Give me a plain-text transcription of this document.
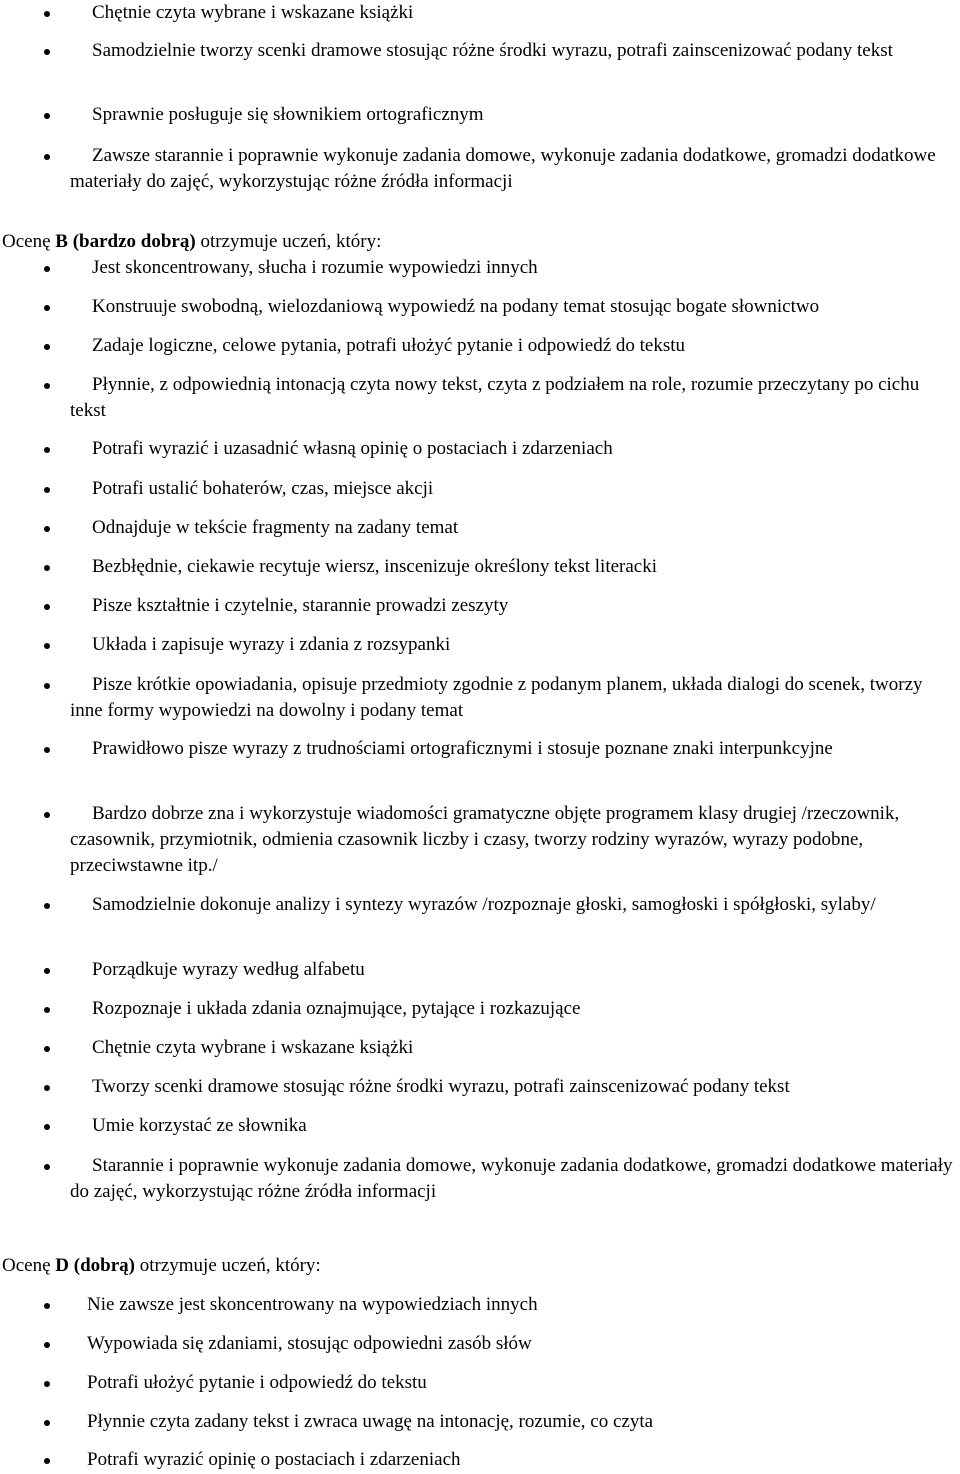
Chętnie czyta wybrane i wskazane książki
Samodzielnie tworzy scenki dramowe stosując różne środki wyrazu, potrafi zainscenizować podany tekst
Sprawnie posługuje się słownikiem ortograficznym
Zawsze starannie i poprawnie wykonuje zadania domowe, wykonuje zadania dodatkowe, gromadzi dodatkowe materiały do zajęć, wykorzystując różne źródła informacji
Ocenę B (bardzo dobrą) otrzymuje uczeń, który:
Jest skoncentrowany, słucha i rozumie wypowiedzi innych
Konstruuje swobodną, wielozdaniową wypowiedź na podany temat stosując bogate słownictwo
Zadaje logiczne, celowe pytania, potrafi ułożyć pytanie i odpowiedź do tekstu
Płynnie, z odpowiednią intonacją czyta nowy tekst, czyta z podziałem na role, rozumie przeczytany po cichu tekst
Potrafi wyrazić i uzasadnić własną opinię o postaciach i zdarzeniach
Potrafi ustalić bohaterów, czas, miejsce akcji
Odnajduje w tekście fragmenty na zadany temat
Bezbłędnie, ciekawie recytuje wiersz, inscenizuje określony tekst literacki
Pisze kształtnie i czytelnie, starannie prowadzi zeszyty
Układa i zapisuje wyrazy i zdania z rozsypanki
Pisze krótkie opowiadania, opisuje przedmioty zgodnie z podanym planem, układa dialogi do scenek, tworzy inne formy wypowiedzi na dowolny i podany temat
Prawidłowo pisze wyrazy z trudnościami ortograficznymi i stosuje poznane znaki interpunkcyjne
Bardzo dobrze zna i wykorzystuje wiadomości gramatyczne objęte programem klasy drugiej /rzeczownik, czasownik, przymiotnik, odmienia czasownik liczby i czasy, tworzy rodziny wyrazów, wyrazy podobne, przeciwstawne itp./
Samodzielnie dokonuje analizy i syntezy wyrazów /rozpoznaje głoski, samogłoski i spółgłoski, sylaby/
Porządkuje wyrazy według alfabetu
Rozpoznaje i układa zdania oznajmujące, pytające i rozkazujące
Chętnie czyta wybrane i wskazane książki
Tworzy scenki dramowe stosując różne środki wyrazu, potrafi zainscenizować podany tekst
Umie korzystać ze słownika
Starannie i poprawnie wykonuje zadania domowe, wykonuje zadania dodatkowe, gromadzi dodatkowe materiały do zajęć, wykorzystując różne źródła informacji
Ocenę D (dobrą) otrzymuje uczeń, który:
Nie zawsze jest skoncentrowany na wypowiedziach innych
Wypowiada się zdaniami, stosując odpowiedni zasób słów
Potrafi ułożyć pytanie i odpowiedź do tekstu
Płynnie czyta zadany tekst i zwraca uwagę na intonację, rozumie, co czyta
Potrafi wyrazić opinię o postaciach i zdarzeniach
